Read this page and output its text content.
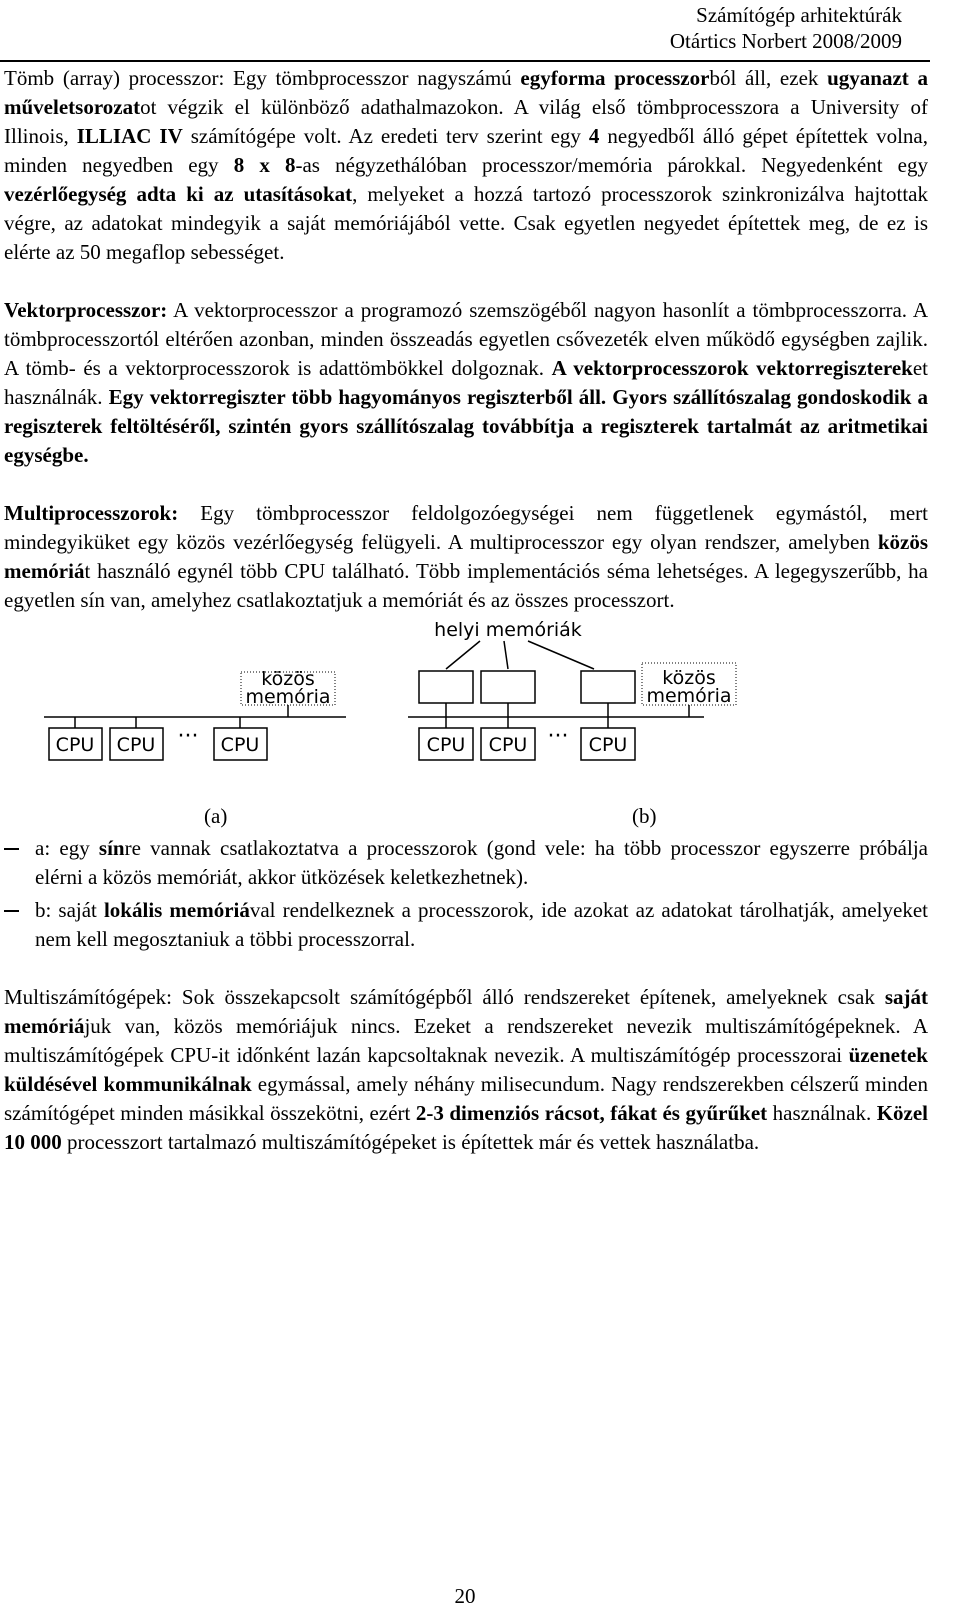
Számítógép arhitektúrák
Otártics Norbert 2008/2009

Tömb (array) processzor: Egy tömbprocesszor nagyszámú egyforma processzorból áll, ezek ugyanazt a műveletsorozatot végzik el különböző adathalmazokon. A világ első tömbprocesszora a University of Illinois, ILLIAC IV számítógépe volt. Az eredeti terv szerint egy 4 negyedből álló gépet építettek volna, minden negyedben egy 8 x 8-as négyzethálóban processzor/memória párokkal. Negyedenként egy vezérlőegység adta ki az utasításokat, melyeket a hozzá tartozó processzorok szinkronizálva hajtottak végre, az adatokat mindegyik a saját memóriájából vette. Csak egyetlen negyedet építettek meg, de ez is elérte az 50 megaflop sebességet.

Vektorprocesszor: A vektorprocesszor a programozó szemszögéből nagyon hasonlít a tömbprocesszorra. A tömbprocesszortól eltérően azonban, minden összeadás egyetlen csővezeték elven működő egységben zajlik. A tömb- és a vektorprocesszorok is adattömbökkel dolgoznak. A vektorprocesszorok vektorregisztereket használnák. Egy vektorregiszter több hagyományos regiszterből áll. Gyors szállítószalag gondoskodik a regiszterek feltöltéséről, szintén gyors szállítószalag továbbítja a regiszterek tartalmát az aritmetikai egységbe.

Multiprocesszorok: Egy tömbprocesszor feldolgozóegységei nem függetlenek egymástól, mert mindegyiküket egy közös vezérlőegység felügyeli. A multiprocesszor egy olyan rendszer, amelyben közös memóriát használó egynél több CPU található. Több implementációs séma lehetséges. A legegyszerűbb, ha egyetlen sín van, amelyhez csatlakoztatjuk a memóriát és az összes processzort.

közös
memória
CPU CPU ··· CPU
helyi memóriák
közös
memória
CPU CPU ··· CPU
(a)	(b)
a: egy sínre vannak csatlakoztatva a processzorok (gond vele: ha több processzor egyszerre próbálja elérni a közös memóriát, akkor ütközések keletkezhetnek).
b: saját lokális memóriával rendelkeznek a processzorok, ide azokat az adatokat tárolhatják, amelyeket nem kell megosztaniuk a többi processzorral.

Multiszámítógépek: Sok összekapcsolt számítógépből álló rendszereket építenek, amelyeknek csak saját memóriájuk van, közös memóriájuk nincs. Ezeket a rendszereket nevezik multiszámítógépeknek. A multiszámítógépek CPU-it időnként lazán kapcsoltaknak nevezik. A multiszámítógép processzorai üzenetek küldésével kommunikálnak egymással, amely néhány milisecundum. Nagy rendszerekben célszerű minden számítógépet minden másikkal összekötni, ezért 2-3 dimenziós rácsot, fákat és gyűrűket használnak. Közel 10 000 processzort tartalmazó multiszámítógépeket is építettek már és vettek használatba.

20
